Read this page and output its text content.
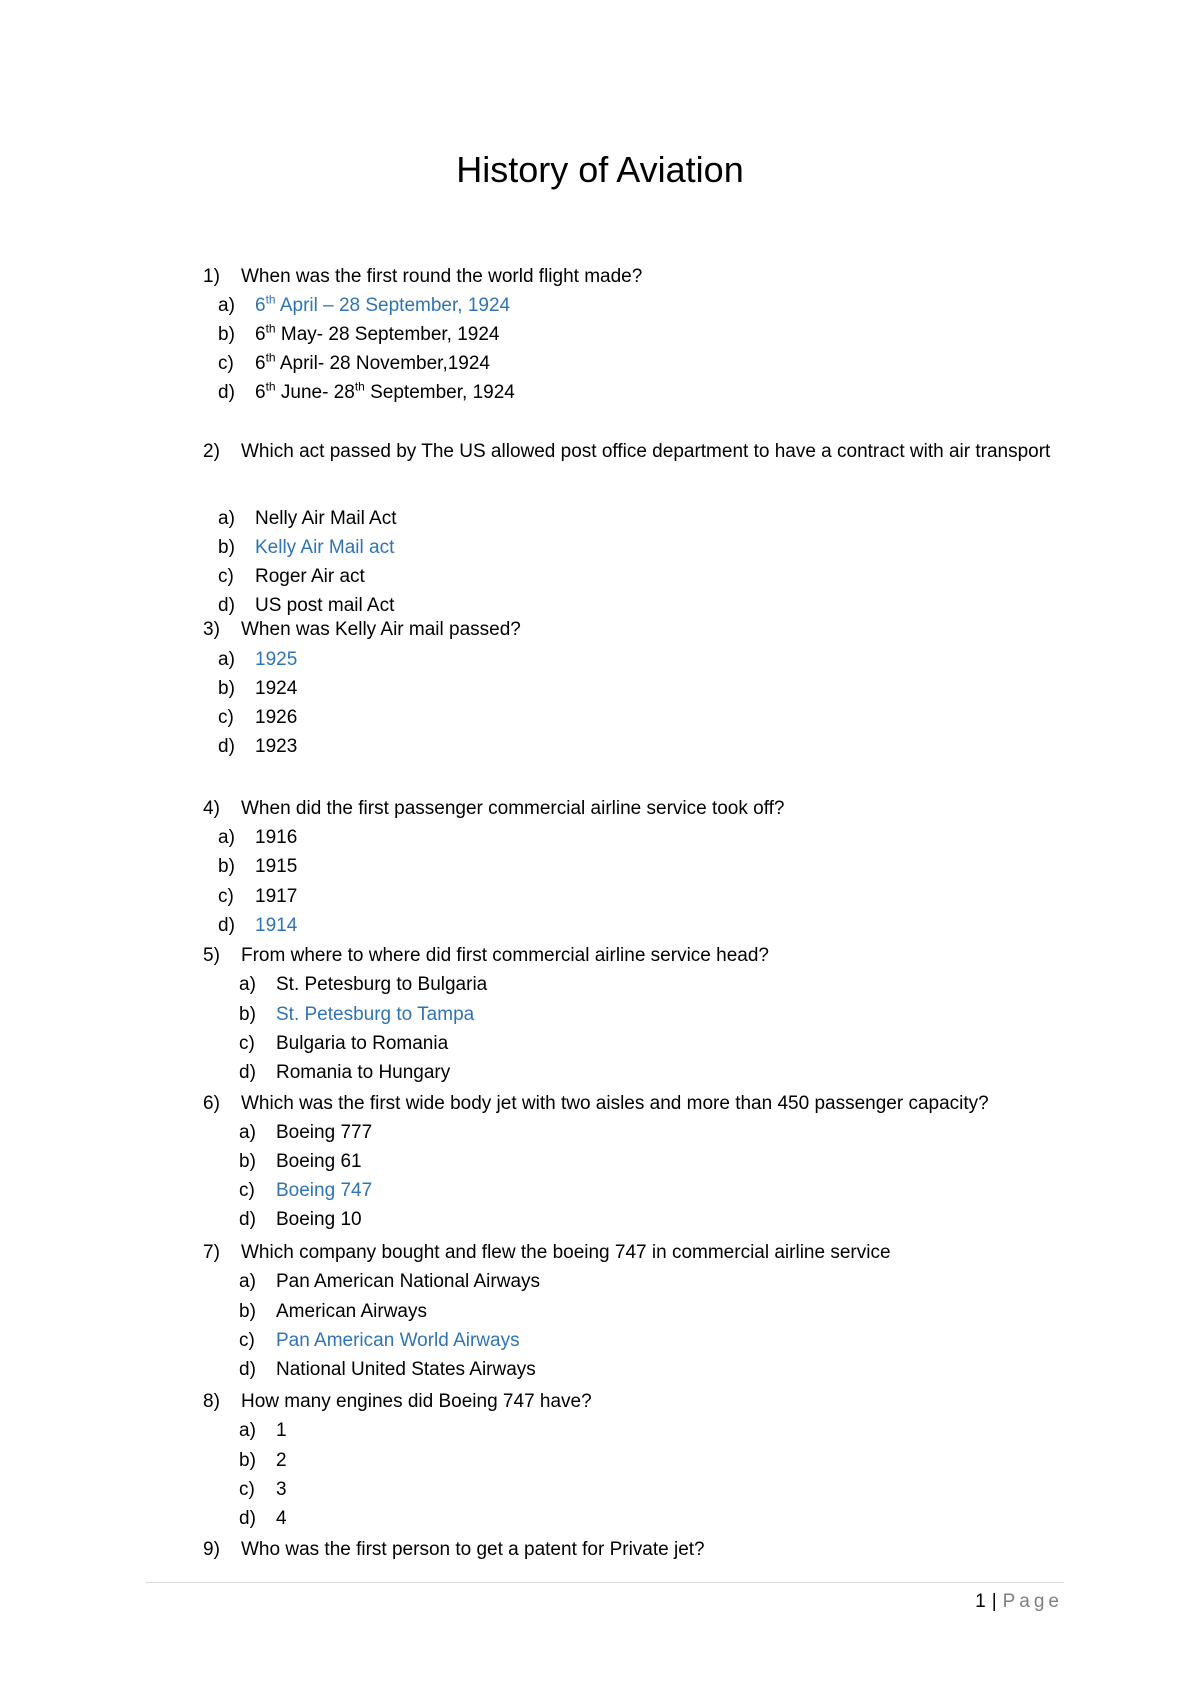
History of Aviation
1) When was the first round the world flight made?
a) 6th April – 28 September, 1924
b) 6th May- 28 September, 1924
c) 6th April- 28 November,1924
d) 6th June- 28th September, 1924
2) Which act passed by The US allowed post office department to have a contract with air transport
a) Nelly Air Mail Act
b) Kelly Air Mail act
c) Roger Air act
d) US post mail Act
3) When was Kelly Air mail passed?
a) 1925
b) 1924
c) 1926
d) 1923
4) When did the first passenger commercial airline service took off?
a) 1916
b) 1915
c) 1917
d) 1914
5) From where to where did first commercial airline service head?
a) St. Petesburg to Bulgaria
b) St. Petesburg to Tampa
c) Bulgaria to Romania
d) Romania to Hungary
6) Which was the first wide body jet with two aisles and more than 450 passenger capacity?
a) Boeing 777
b) Boeing 61
c) Boeing 747
d) Boeing 10
7) Which company bought and flew the boeing 747 in commercial airline service
a) Pan American National Airways
b) American Airways
c) Pan American World Airways
d) National United States Airways
8) How many engines did Boeing 747 have?
a) 1
b) 2
c) 3
d) 4
9) Who was the first person to get a patent for Private jet?
1 | Page
